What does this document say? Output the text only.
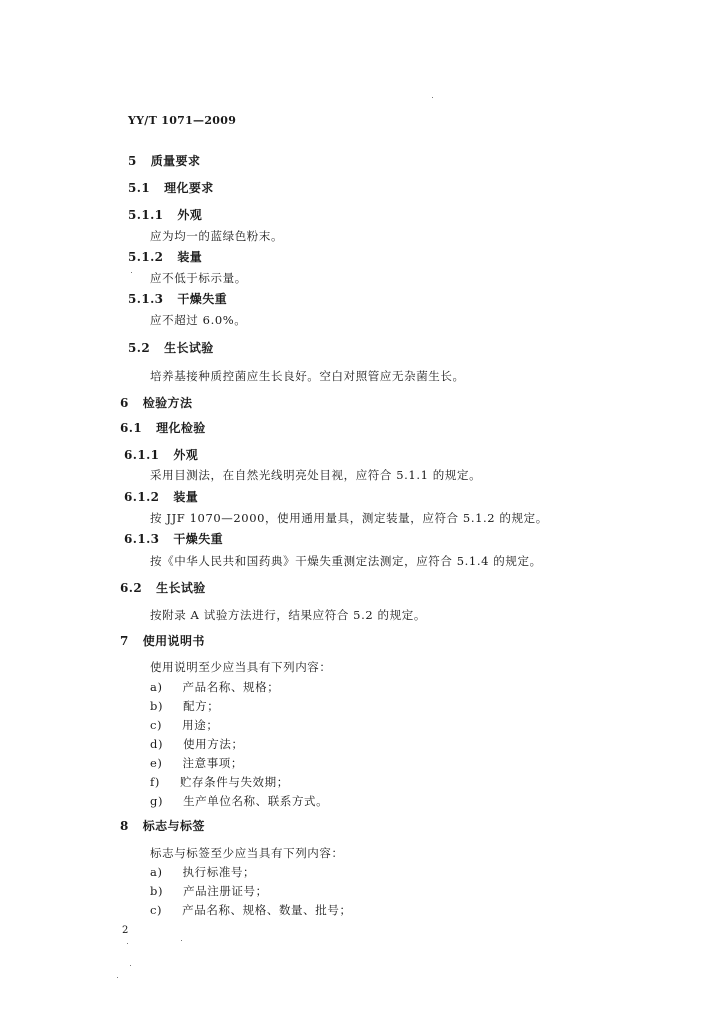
YY/T 1071—2009
5 质量要求
5.1 理化要求
5.1.1 外观
应为均一的蓝绿色粉末。
5.1.2 装量
应不低于标示量。
5.1.3 干燥失重
应不超过 6.0%。
5.2 生长试验
培养基接种质控菌应生长良好。空白对照管应无杂菌生长。
6 检验方法
6.1 理化检验
6.1.1 外观
采用目测法，在自然光线明亮处目视，应符合 5.1.1 的规定。
6.1.2 装量
按 JJF 1070—2000，使用通用量具，测定装量，应符合 5.1.2 的规定。
6.1.3 干燥失重
按《中华人民共和国药典》干燥失重测定法测定，应符合 5.1.4 的规定。
6.2 生长试验
按附录 A 试验方法进行，结果应符合 5.2 的规定。
7 使用说明书
使用说明至少应当具有下列内容：
a) 产品名称、规格；
b) 配方；
c) 用途；
d) 使用方法；
e) 注意事项；
f) 贮存条件与失效期；
g) 生产单位名称、联系方式。
8 标志与标签
标志与标签至少应当具有下列内容：
a) 执行标准号；
b) 产品注册证号；
c) 产品名称、规格、数量、批号；
2
